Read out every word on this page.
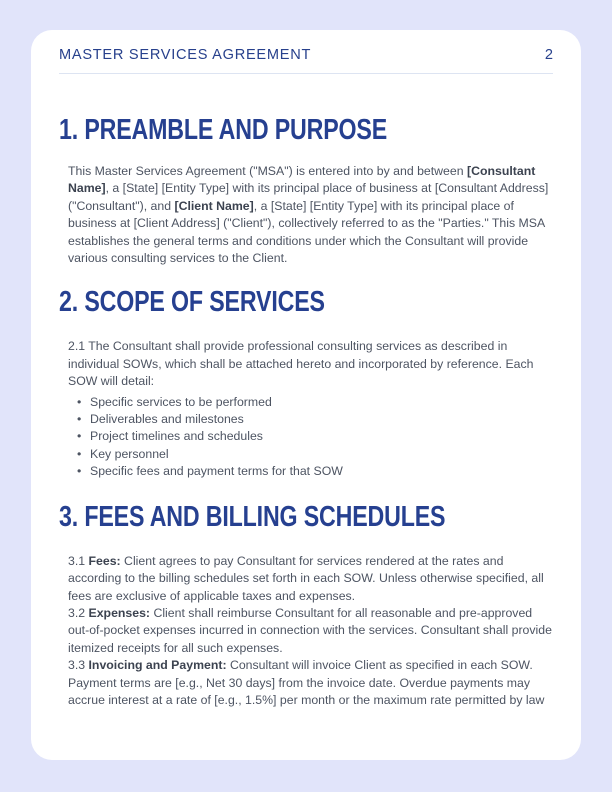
MASTER SERVICES AGREEMENT	2
1. PREAMBLE AND PURPOSE

This Master Services Agreement ("MSA") is entered into by and between [Consultant Name], a [State] [Entity Type] with its principal place of business at [Consultant Address] ("Consultant"), and [Client Name], a [State] [Entity Type] with its principal place of business at [Client Address] ("Client"), collectively referred to as the "Parties." This MSA establishes the general terms and conditions under which the Consultant will provide various consulting services to the Client.

2. SCOPE OF SERVICES

2.1 The Consultant shall provide professional consulting services as described in individual SOWs, which shall be attached hereto and incorporated by reference. Each SOW will detail:

• Specific services to be performed
• Deliverables and milestones
• Project timelines and schedules
• Key personnel
• Specific fees and payment terms for that SOW
3. FEES AND BILLING SCHEDULES

3.1 Fees: Client agrees to pay Consultant for services rendered at the rates and according to the billing schedules set forth in each SOW. Unless otherwise specified, all fees are exclusive of applicable taxes and expenses.

3.2 Expenses: Client shall reimburse Consultant for all reasonable and pre-approved out-of-pocket expenses incurred in connection with the services. Consultant shall provide itemized receipts for all such expenses.

3.3 Invoicing and Payment: Consultant will invoice Client as specified in each SOW. Payment terms are [e.g., Net 30 days] from the invoice date. Overdue payments may accrue interest at a rate of [e.g., 1.5%] per month or the maximum rate permitted by law
